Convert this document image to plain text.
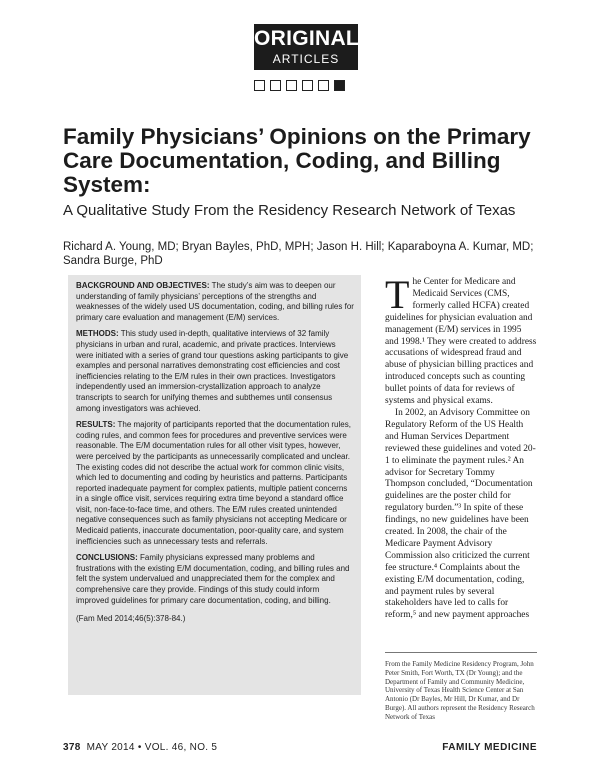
ORIGINAL
ARTICLES
Family Physicians’ Opinions on the Primary Care Documentation, Coding, and Billing System:
A Qualitative Study From the Residency Research Network of Texas
Richard A. Young, MD; Bryan Bayles, PhD, MPH; Jason H. Hill; Kaparaboyna A. Kumar, MD; Sandra Burge, PhD

BACKGROUND AND OBJECTIVES: The study’s aim was to deepen our understanding of family physicians’ perceptions of the strengths and weaknesses of the widely used US documentation, coding, and billing rules for primary care evaluation and management (E/M) services.

METHODS: This study used in-depth, qualitative interviews of 32 family physicians in urban and rural, academic, and private practices. Interviews were initiated with a series of grand tour questions asking participants to give examples and personal narratives demonstrating cost efficiencies and cost inefficiencies relating to the E/M rules in their own practices. Investigators independently used an immersion-crystallization approach to analyze transcripts to search for unifying themes and subthemes until consensus among investigators was achieved.

RESULTS: The majority of participants reported that the documentation rules, coding rules, and common fees for procedures and preventive services were reasonable. The E/M documentation rules for all other visit types, however, were perceived by the participants as unnecessarily complicated and unclear. The existing codes did not describe the actual work for common clinic visits, which led to documenting and coding by heuristics and patterns. Participants reported inadequate payment for complex patients, multiple patient concerns in a single office visit, services requiring extra time beyond a standard office visit, non-face-to-face time, and others. The E/M rules created unintended negative consequences such as family physicians not accepting Medicare or Medicaid patients, inaccurate documentation, poor-quality care, and system inefficiencies such as unnecessary tests and referrals.

CONCLUSIONS: Family physicians expressed many problems and frustrations with the existing E/M documentation, coding, and billing rules and felt the system undervalued and unappreciated them for the complex and comprehensive care they provide. Findings of this study could inform improved guidelines for primary care documentation, coding, and billing.

(Fam Med 2014;46(5):378-84.)

The Center for Medicare and Medicaid Services (CMS, formerly called HCFA) created guidelines for physician evaluation and management (E/M) services in 1995 and 1998.¹ They were created to address accusations of widespread fraud and abuse of physician billing practices and introduced concepts such as counting bullet points of data for reviews of systems and physical exams.

In 2002, an Advisory Committee on Regulatory Reform of the US Health and Human Services Department reviewed these guidelines and voted 20-1 to eliminate the payment rules.² An advisor for Secretary Tommy Thompson concluded, “Documentation guidelines are the poster child for regulatory burden.”³ In spite of these findings, no new guidelines have been created. In 2008, the chair of the Medicare Payment Advisory Commission also criticized the current fee structure.⁴ Complaints about the existing E/M documentation, coding, and payment rules by several stakeholders have led to calls for reform,⁵ and new payment approaches

From the Family Medicine Residency Program, John Peter Smith, Fort Worth, TX (Dr Young); and the Department of Family and Community Medicine, University of Texas Health Science Center at San Antonio (Dr Bayles, Mr Hill, Dr Kumar, and Dr Burge). All authors represent the Residency Research Network of Texas
378 MAY 2014 • VOL. 46, NO. 5	FAMILY MEDICINE
